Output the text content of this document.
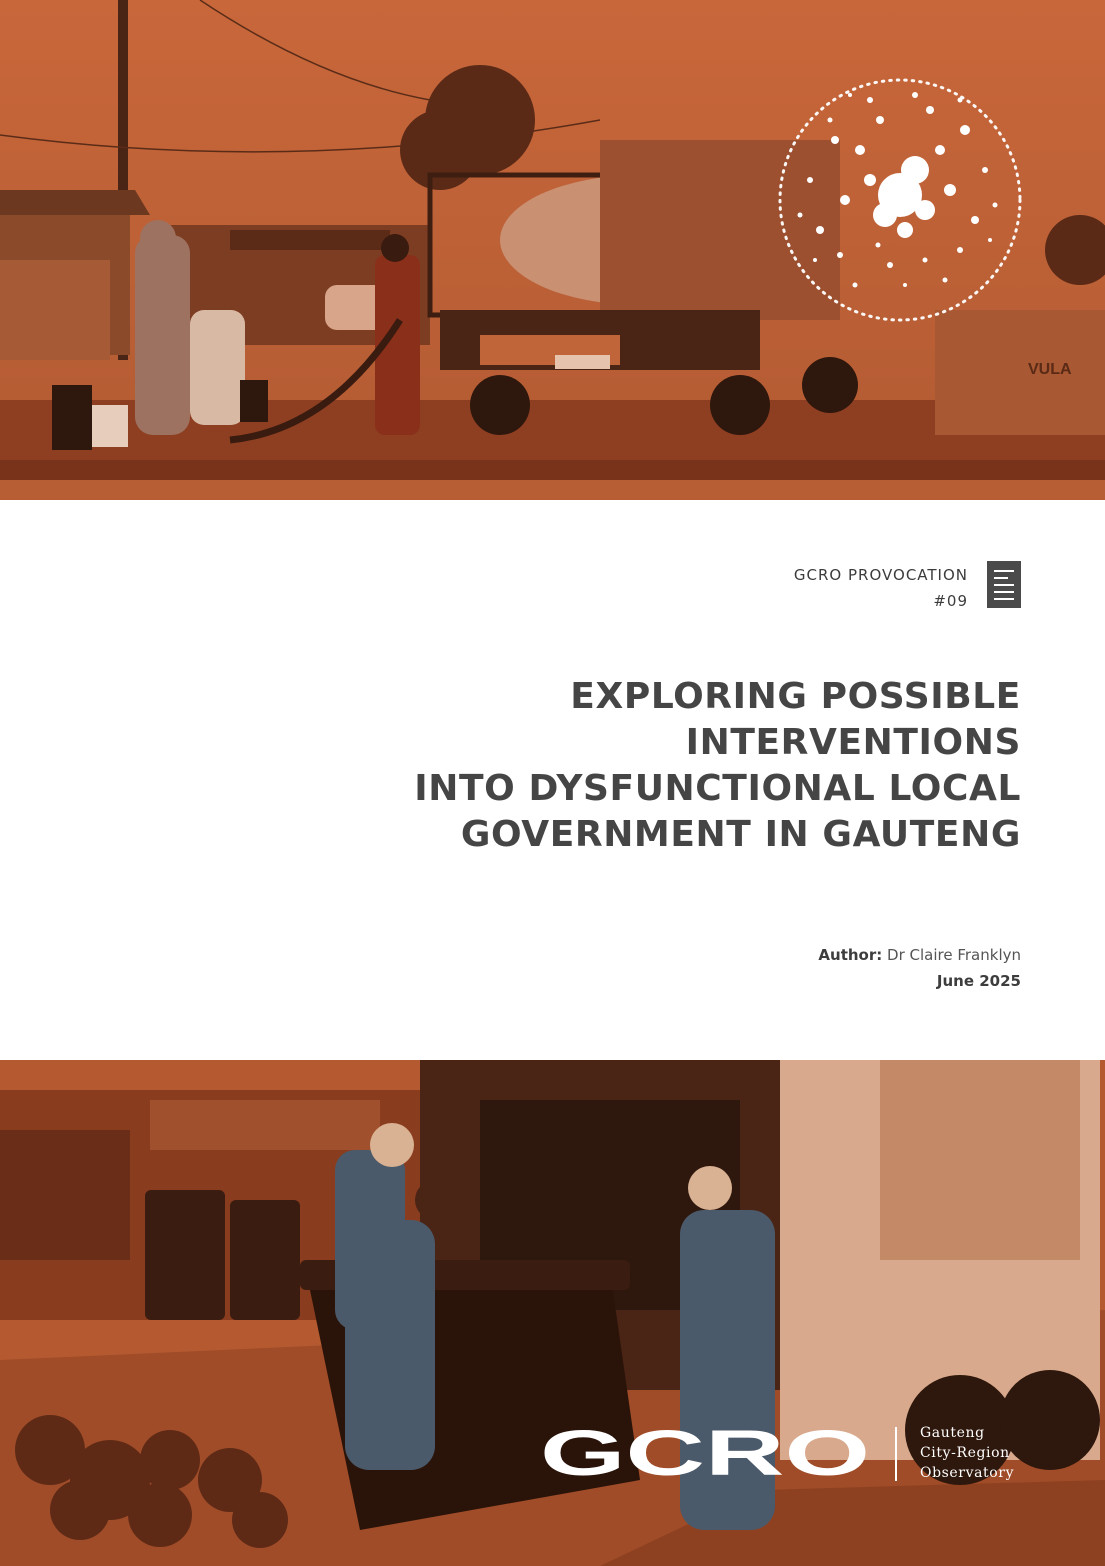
VULA
GCRO PROVOCATION
#09
EXPLORING POSSIBLE INTERVENTIONS
INTO DYSFUNCTIONAL LOCAL
GOVERNMENT IN GAUTENG
Author: Dr Claire Franklyn
June 2025
GCRO	Gauteng
City-Region
Observatory
